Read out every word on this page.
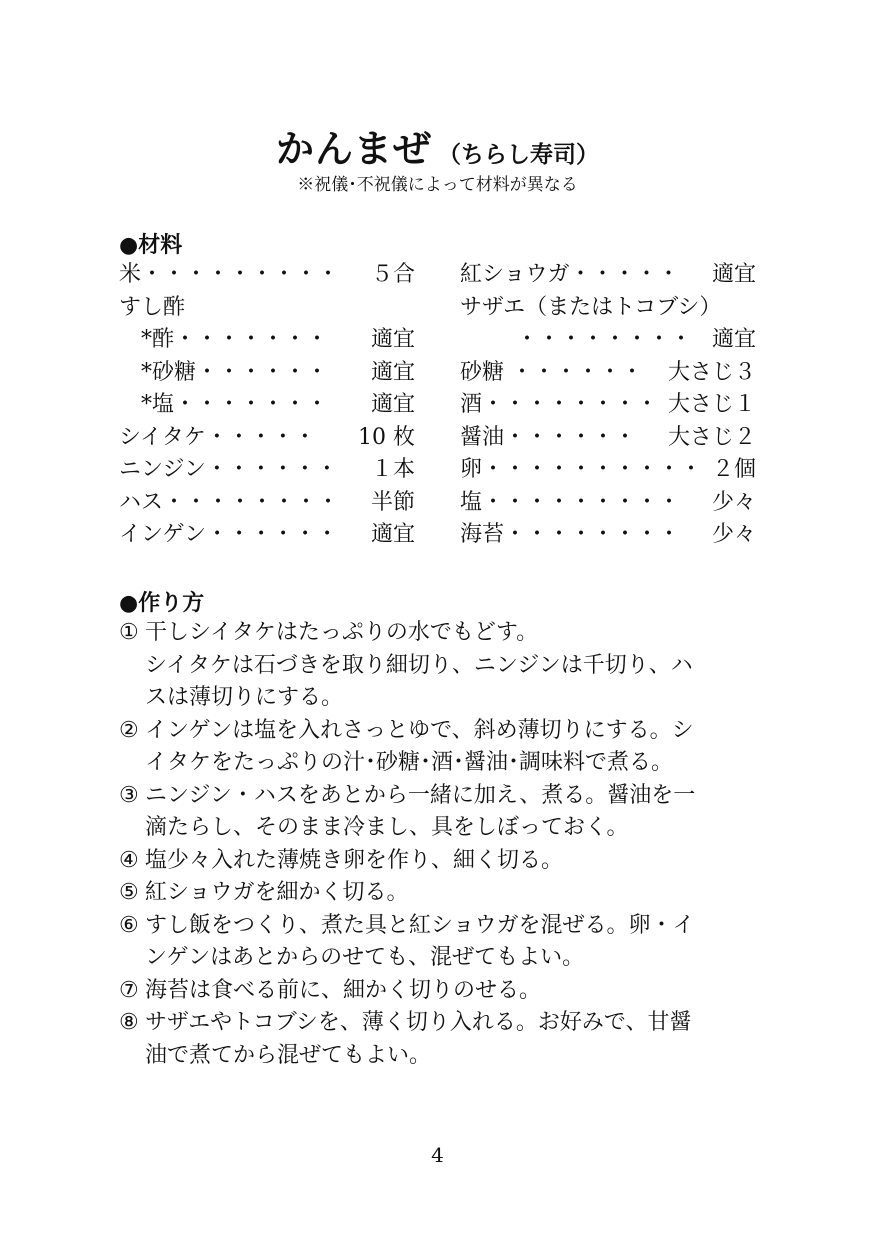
かんまぜ （ちらし寿司）
※祝儀･不祝儀によって材料が異なる
●材料
米・・・・・・・・・ ５合
すし酢
*酢・・・・・・・ 適宜
*砂糖・・・・・・ 適宜
*塩・・・・・・・ 適宜
シイタケ・・・・・ 10 枚
ニンジン・・・・・・ １本
ハス・・・・・・・・ 半節
インゲン・・・・・・ 適宜
紅ショウガ・・・・・ 適宜
サザエ（またはトコブシ）
・・・・・・・・ 適宜
砂糖 ・・・・・・ 大さじ３
酒・・・・・・・・ 大さじ１
醤油・・・・・・ 大さじ２
卵・・・・・・・・・・ ２個
塩・・・・・・・・・ 少々
海苔・・・・・・・・ 少々
●作り方
① 干しシイタケはたっぷりの水でもどす。
シイタケは石づきを取り細切り、ニンジンは千切り、ハ
スは薄切りにする。
② インゲンは塩を入れさっとゆで、斜め薄切りにする。シ
イタケをたっぷりの汁･砂糖･酒･醤油･調味料で煮る。
③ ニンジン・ハスをあとから一緒に加え、煮る。醤油を一
滴たらし、そのまま冷まし、具をしぼっておく。
④ 塩少々入れた薄焼き卵を作り、細く切る。
⑤ 紅ショウガを細かく切る。
⑥ すし飯をつくり、煮た具と紅ショウガを混ぜる。卵・イ
ンゲンはあとからのせても、混ぜてもよい。
⑦ 海苔は食べる前に、細かく切りのせる。
⑧ サザエやトコブシを、薄く切り入れる。お好みで、甘醤
油で煮てから混ぜてもよい。
4
